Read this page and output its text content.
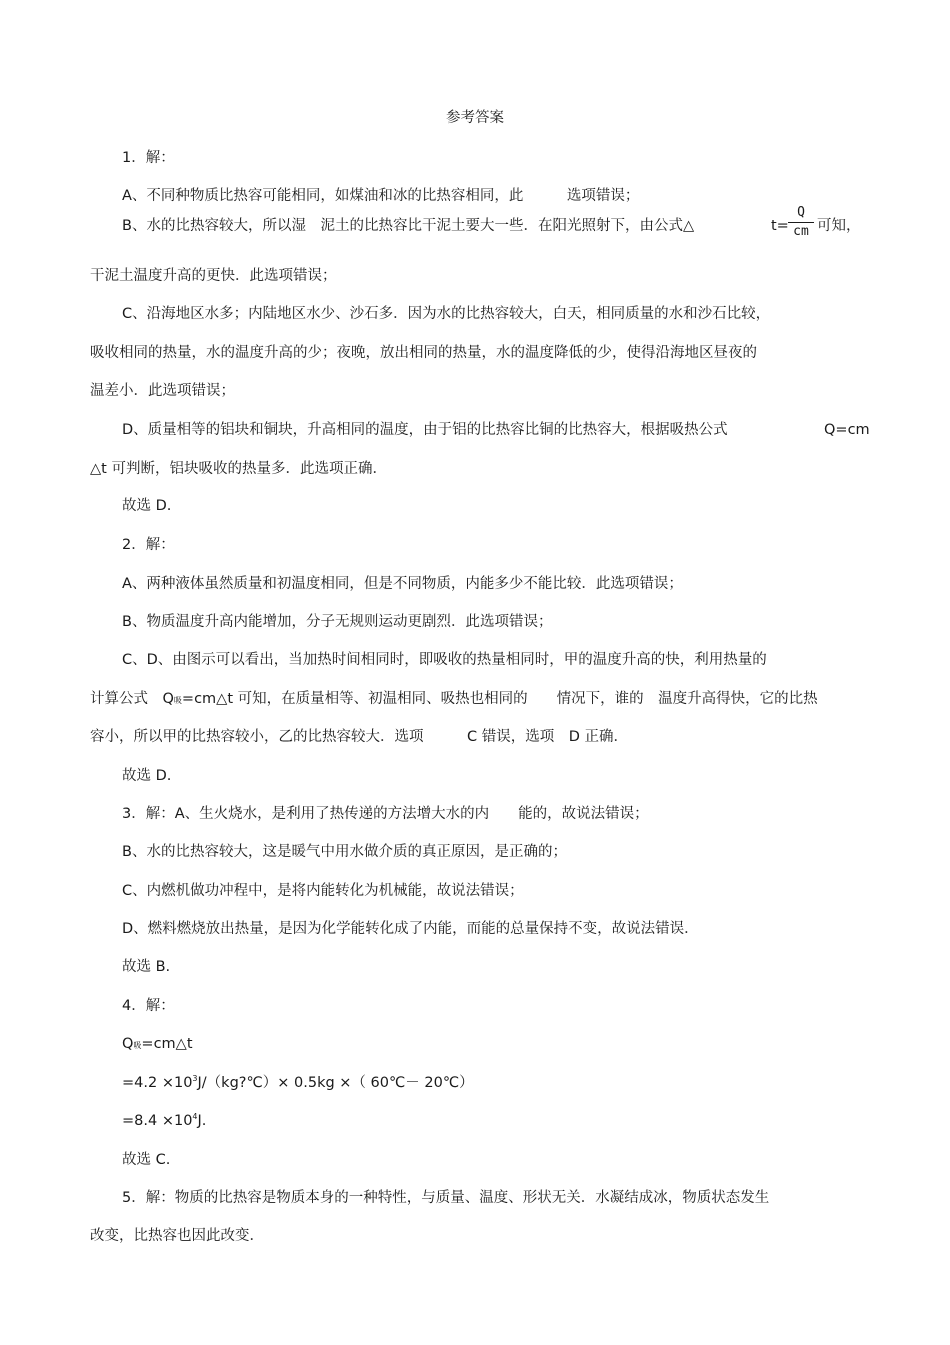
参考答案
1．解：
A、不同种物质比热容可能相同，如煤油和冰的比热容相同，此　　　选项错误；
B、水的比热容较大，所以湿　泥土的比热容比干泥土要大一些．在阳光照射下，由公式△	t=
Q
cm 可知，
干泥土温度升高的更快．此选项错误；
C、沿海地区水多；内陆地区水少、沙石多．因为水的比热容较大，白天，相同质量的水和沙石比较，
吸收相同的热量，水的温度升高的少；夜晚，放出相同的热量，水的温度降低的少，使得沿海地区昼夜的
温差小．此选项错误；
D、质量相等的铝块和铜块，升高相同的温度，由于铝的比热容比铜的比热容大，根据吸热公式	Q=cm
△t 可判断，铝块吸收的热量多．此选项正确．
故选 D.
2．解：
A、两种液体虽然质量和初温度相同，但是不同物质，内能多少不能比较．此选项错误；
B、物质温度升高内能增加，分子无规则运动更剧烈．此选项错误；
C、D、由图示可以看出，当加热时间相同时，即吸收的热量相同时，甲的温度升高的快，利用热量的
计算公式　Q吸=cm△t 可知，在质量相等、初温相同、吸热也相同的　　情况下，谁的　温度升高得快，它的比热
容小，所以甲的比热容较小，乙的比热容较大．选项　　　C 错误，选项　D 正确．
故选 D.
3．解：A、生火烧水，是利用了热传递的方法增大水的内　　能的，故说法错误；
B、水的比热容较大，这是暖气中用水做介质的真正原因，是正确的；
C、内燃机做功冲程中，是将内能转化为机械能，故说法错误；
D、燃料燃烧放出热量，是因为化学能转化成了内能，而能的总量保持不变，故说法错误．
故选 B.
4．解：
Q吸=cm△t
$=4.2 \times 10^3J/(kg?℃)\times 0.5kg$ ×（ 60℃－ 20℃）
$=8.4 \times 10^4J$.
故选 C.
5．解：物质的比热容是物质本身的一种特性，与质量、温度、形状无关．水凝结成冰，物质状态发生
改变，比热容也因此改变．
